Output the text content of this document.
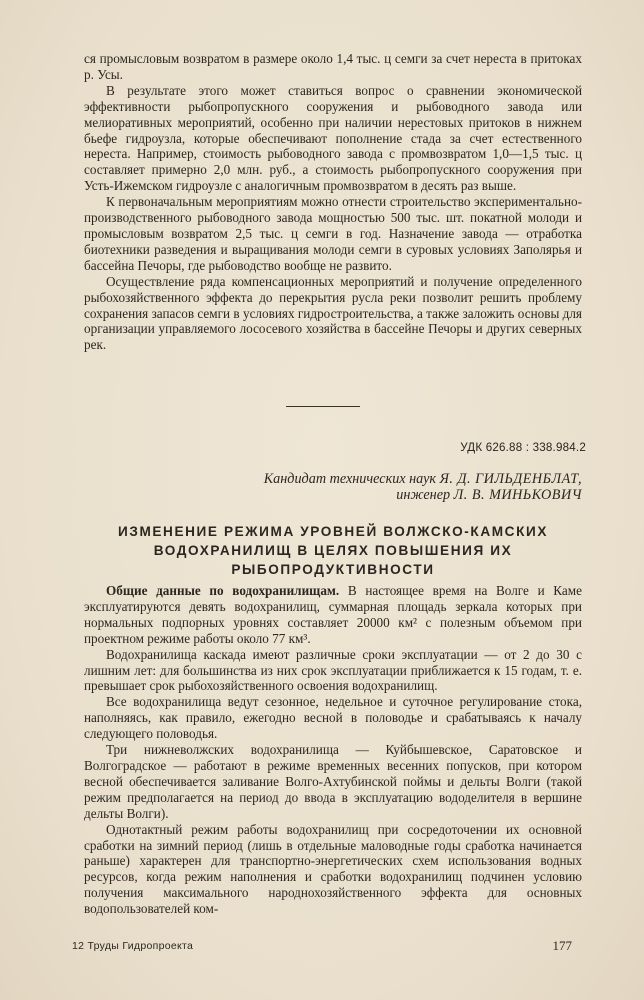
ся промысловым возвратом в размере около 1,4 тыс. ц семги за счет нереста в притоках р. Усы.

В результате этого может ставиться вопрос о сравнении экономической эффективности рыбопропускного сооружения и рыбоводного завода или мелиоративных мероприятий, особенно при наличии нерестовых притоков в нижнем бьефе гидроузла, которые обеспечивают пополнение стада за счет естественного нереста. Например, стоимость рыбоводного завода с промвозвратом 1,0—1,5 тыс. ц составляет примерно 2,0 млн. руб., а стоимость рыбопропускного сооружения при Усть-Ижемском гидроузле с аналогичным промвозвратом в десять раз выше.

К первоначальным мероприятиям можно отнести строительство экспериментально-производственного рыбоводного завода мощностью 500 тыс. шт. покатной молоди и промысловым возвратом 2,5 тыс. ц семги в год. Назначение завода — отработка биотехники разведения и выращивания молоди семги в суровых условиях Заполярья и бассейна Печоры, где рыбоводство вообще не развито.

Осуществление ряда компенсационных мероприятий и получение определенного рыбохозяйственного эффекта до перекрытия русла реки позволит решить проблему сохранения запасов семги в условиях гидростроительства, а также заложить основы для организации управляемого лососевого хозяйства в бассейне Печоры и других северных рек.

УДК 626.88 : 338.984.2
Кандидат технических наук Я. Д. ГИЛЬДЕНБЛАТ,
инженер Л. В. МИНЬКОВИЧ
ИЗМЕНЕНИЕ РЕЖИМА УРОВНЕЙ ВОЛЖСКО-КАМСКИХ
ВОДОХРАНИЛИЩ В ЦЕЛЯХ ПОВЫШЕНИЯ ИХ
РЫБОПРОДУКТИВНОСТИ

Общие данные по водохранилищам. В настоящее время на Волге и Каме эксплуатируются девять водохранилищ, суммарная площадь зеркала которых при нормальных подпорных уровнях составляет 20000 км² с полезным объемом при проектном режиме работы около 77 км³.

Водохранилища каскада имеют различные сроки эксплуатации — от 2 до 30 с лишним лет: для большинства из них срок эксплуатации приближается к 15 годам, т. е. превышает срок рыбохозяйственного освоения водохранилищ.

Все водохранилища ведут сезонное, недельное и суточное регулирование стока, наполняясь, как правило, ежегодно весной в половодье и срабатываясь к началу следующего половодья.

Три нижневолжских водохранилища — Куйбышевское, Саратовское и Волгоградское — работают в режиме временных весенних попусков, при котором весной обеспечивается заливание Волго-Ахтубинской поймы и дельты Волги (такой режим предполагается на период до ввода в эксплуатацию вододелителя в вершине дельты Волги).

Однотактный режим работы водохранилищ при сосредоточении их основной сработки на зимний период (лишь в отдельные маловодные годы сработка начинается раньше) характерен для транспортно-энергетических схем использования водных ресурсов, когда режим наполнения и сработки водохранилищ подчинен условию получения максимального народнохозяйственного эффекта для основных водопользователей ком-

12 Труды Гидропроекта	177
